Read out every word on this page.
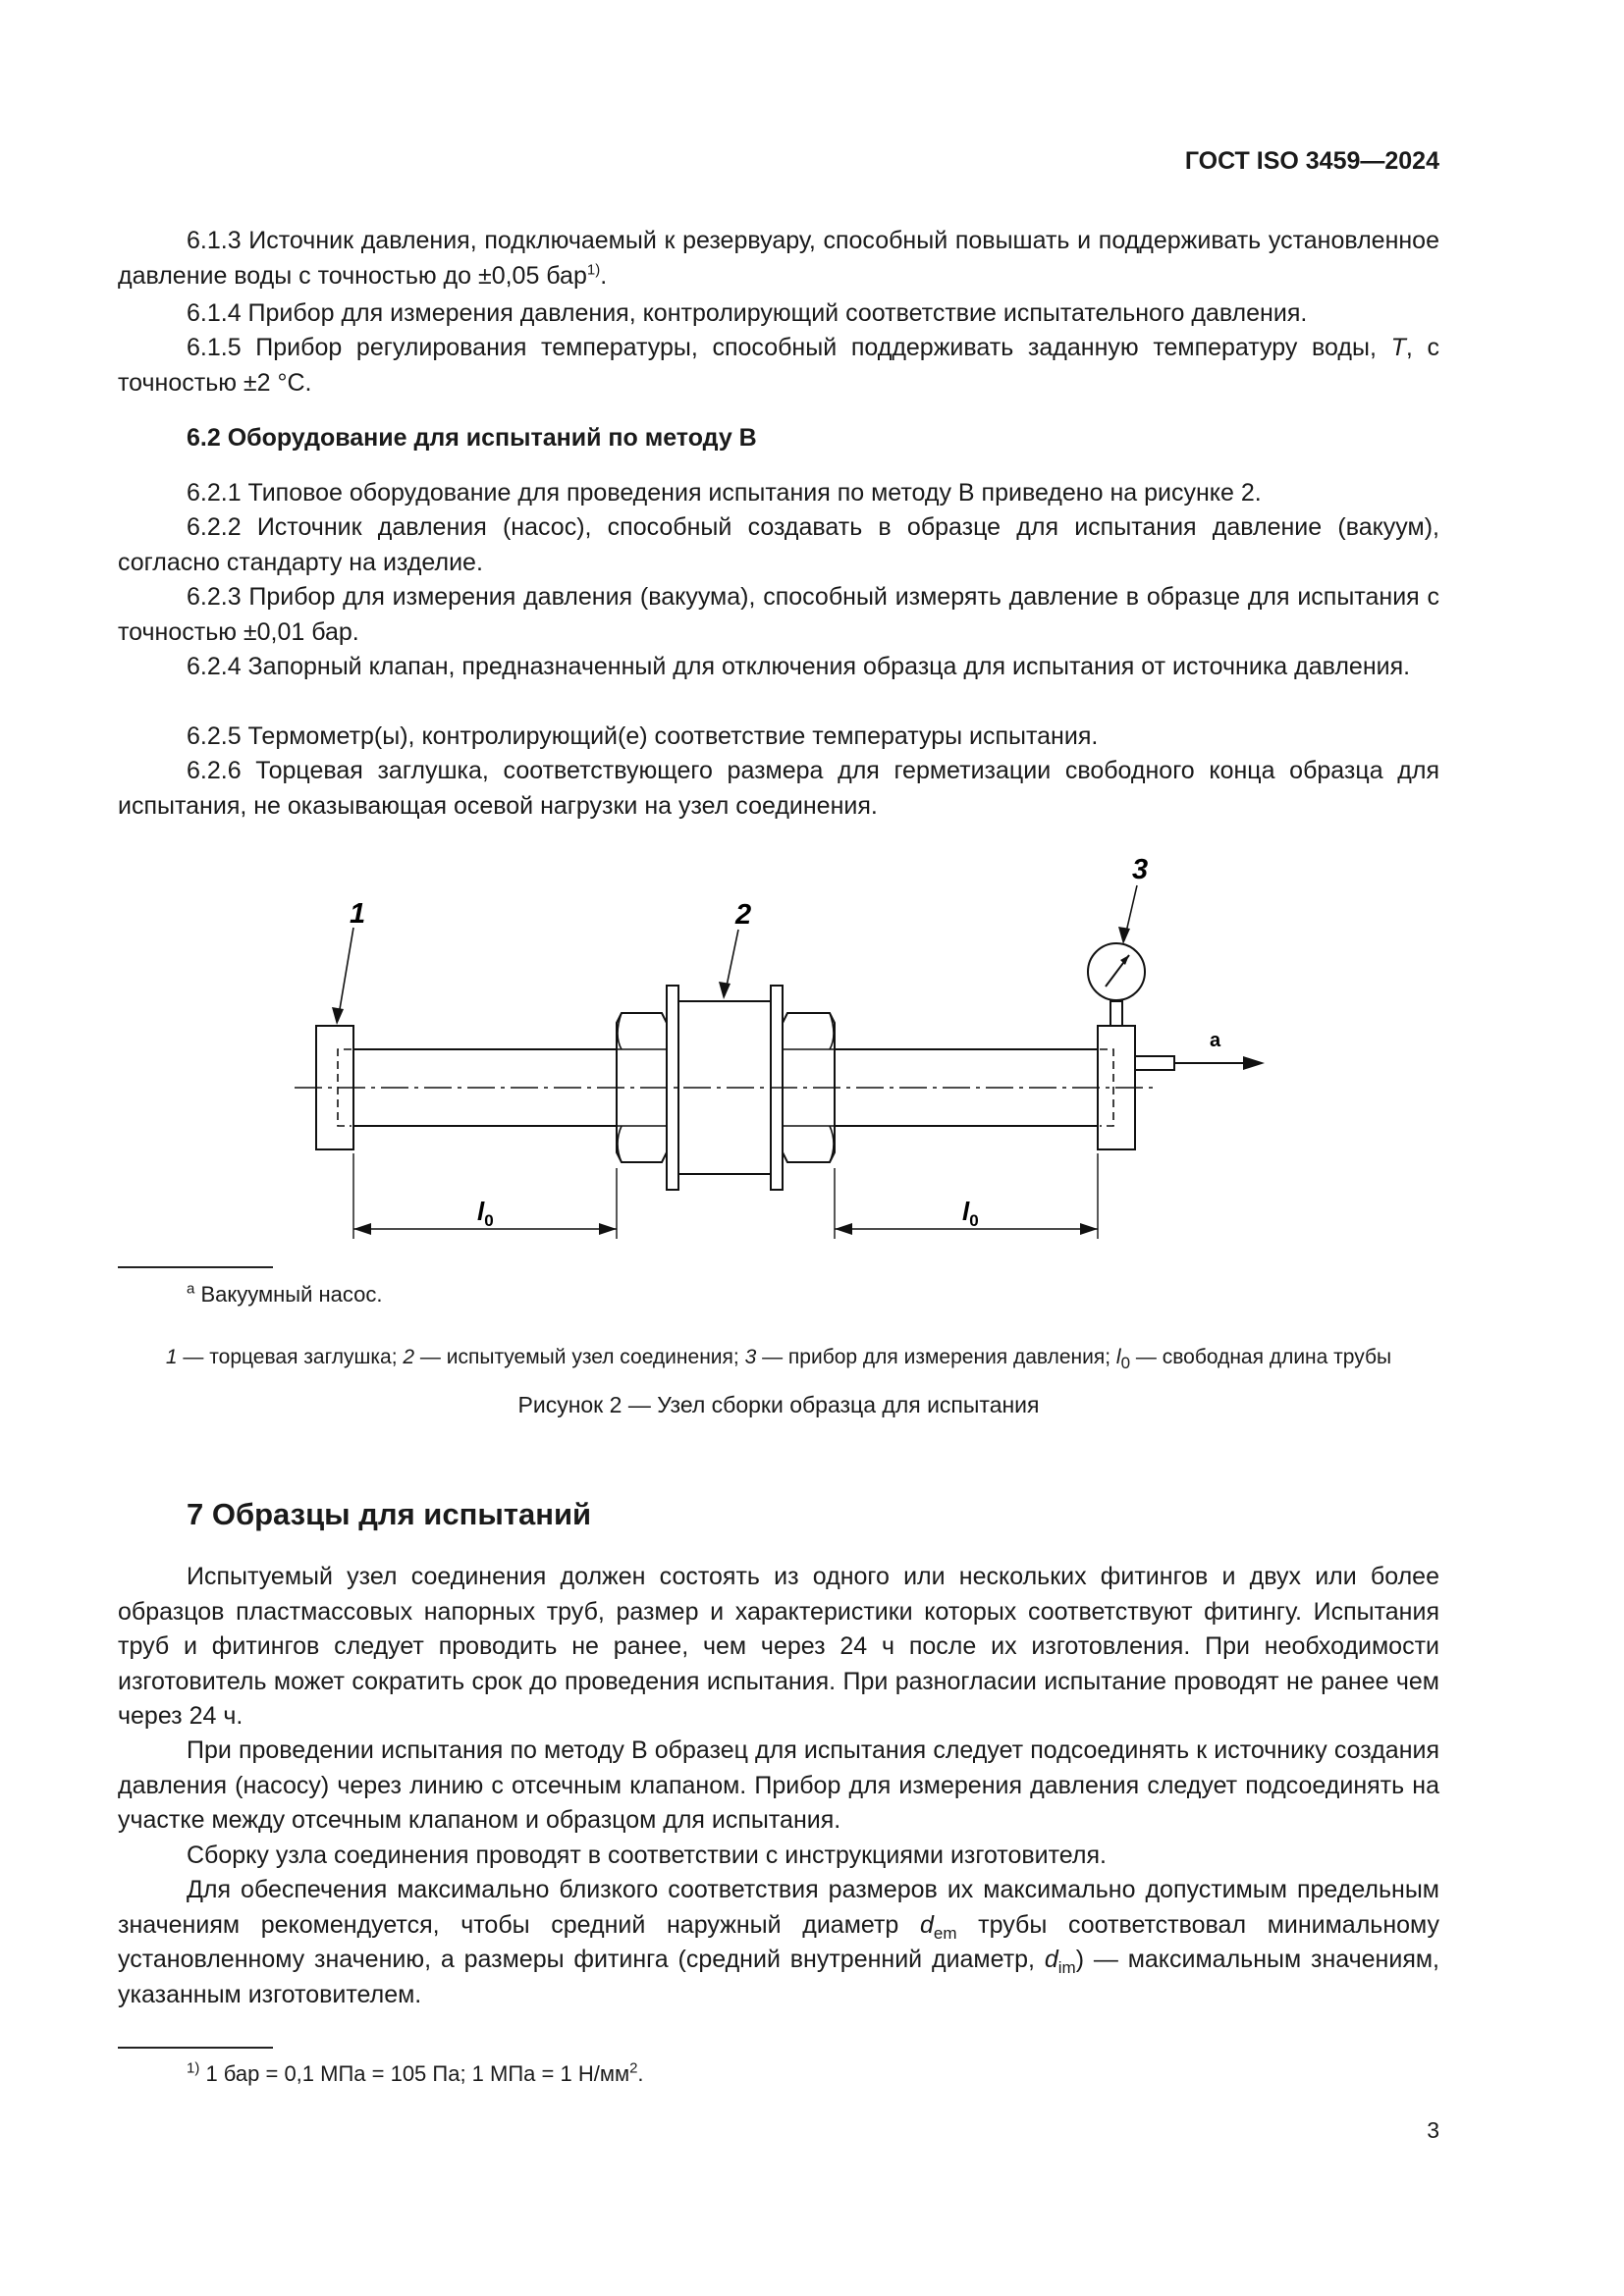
ГОСТ ISO 3459—2024
6.1.3 Источник давления, подключаемый к резервуару, способный повышать и поддерживать установленное давление воды с точностью до ±0,05 бар$^{1)}$.
6.1.4 Прибор для измерения давления, контролирующий соответствие испытательного давления.
6.1.5 Прибор регулирования температуры, способный поддерживать заданную температуру воды, T, с точностью ±2 °С.
6.2 Оборудование для испытаний по методу В
6.2.1 Типовое оборудование для проведения испытания по методу В приведено на рисунке 2.
6.2.2 Источник давления (насос), способный создавать в образце для испытания давление (вакуум), согласно стандарту на изделие.
6.2.3 Прибор для измерения давления (вакуума), способный измерять давление в образце для испытания с точностью ±0,01 бар.
6.2.4 Запорный клапан, предназначенный для отключения образца для испытания от источника давления.
6.2.5 Термометр(ы), контролирующий(е) соответствие температуры испытания.
6.2.6 Торцевая заглушка, соответствующего размера для герметизации свободного конца образца для испытания, не оказывающая осевой нагрузки на узел соединения.
a
1	2
3
$l_0$	$l_0$
$^a$ Вакуумный насос.
1 — торцевая заглушка; 2 — испытуемый узел соединения; 3 — прибор для измерения давления; $l_0$ — свободная длина трубы
Рисунок 2 — Узел сборки образца для испытания
7 Образцы для испытаний
Испытуемый узел соединения должен состоять из одного или нескольких фитингов и двух или более образцов пластмассовых напорных труб, размер и характеристики которых соответствуют фитингу. Испытания труб и фитингов следует проводить не ранее, чем через 24 ч после их изготовления. При необходимости изготовитель может сократить срок до проведения испытания. При разногласии испытание проводят не ранее чем через 24 ч.
При проведении испытания по методу В образец для испытания следует подсоединять к источнику создания давления (насосу) через линию с отсечным клапаном. Прибор для измерения давления следует подсоединять на участке между отсечным клапаном и образцом для испытания.
Сборку узла соединения проводят в соответствии с инструкциями изготовителя.
Для обеспечения максимально близкого соответствия размеров их максимально допустимым предельным значениям рекомендуется, чтобы средний наружный диаметр $d_{em}$ трубы соответствовал минимальному установленному значению, а размеры фитинга (средний внутренний диаметр, $d_{im}$) — максимальным значениям, указанным изготовителем.
$^{1)}$ 1 бар = 0,1 МПа = 105 Па; 1 МПа = 1 $Н/мм^2$.
3
